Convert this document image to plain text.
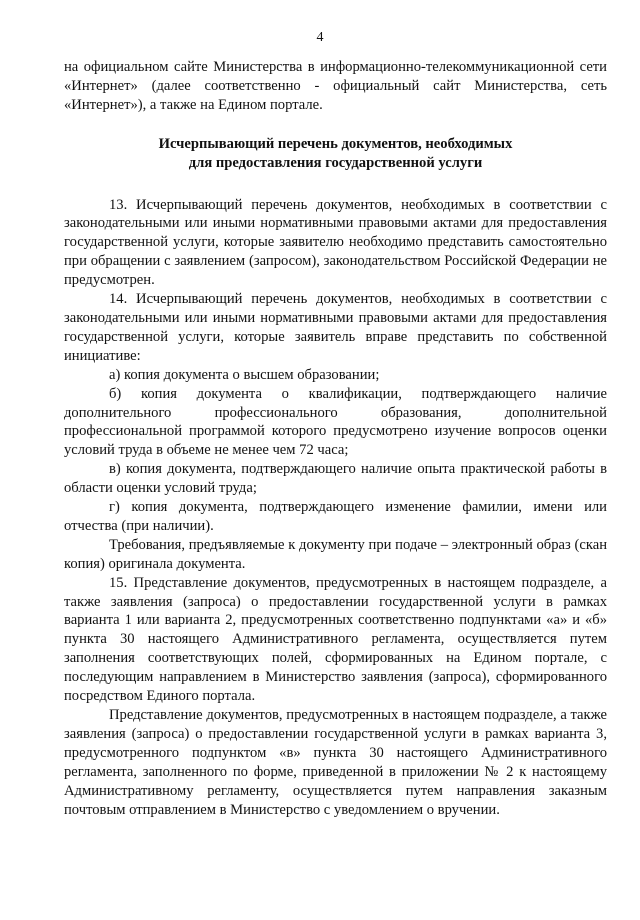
4

на официальном сайте Министерства в информационно-телекоммуникационной сети «Интернет» (далее соответственно - официальный сайт Министерства, сеть «Интернет»), а также на Едином портале.

Исчерпывающий перечень документов, необходимых
для предоставления государственной услуги

13. Исчерпывающий перечень документов, необходимых в соответствии с законодательными или иными нормативными правовыми актами для предоставления государственной услуги, которые заявителю необходимо представить самостоятельно при обращении с заявлением (запросом), законодательством Российской Федерации не предусмотрен.

14. Исчерпывающий перечень документов, необходимых в соответствии с законодательными или иными нормативными правовыми актами для предоставления государственной услуги, которые заявитель вправе представить по собственной инициативе:

а) копия документа о высшем образовании;

б) копия документа о квалификации, подтверждающего наличие дополнительного профессионального образования, дополнительной профессиональной программой которого предусмотрено изучение вопросов оценки условий труда в объеме не менее чем 72 часа;

в) копия документа, подтверждающего наличие опыта практической работы в области оценки условий труда;

г) копия документа, подтверждающего изменение фамилии, имени или отчества (при наличии).

Требования, предъявляемые к документу при подаче – электронный образ (скан копия) оригинала документа.

15. Представление документов, предусмотренных в настоящем подразделе, а также заявления (запроса) о предоставлении государственной услуги в рамках варианта 1 или варианта 2, предусмотренных соответственно подпунктами «а» и «б» пункта 30 настоящего Административного регламента, осуществляется путем заполнения соответствующих полей, сформированных на Едином портале, с последующим направлением в Министерство заявления (запроса), сформированного посредством Единого портала.

Представление документов, предусмотренных в настоящем подразделе, а также заявления (запроса) о предоставлении государственной услуги в рамках варианта 3, предусмотренного подпунктом «в» пункта 30 настоящего Административного регламента, заполненного по форме, приведенной в приложении № 2 к настоящему Административному регламенту, осуществляется путем направления заказным почтовым отправлением в Министерство с уведомлением о вручении.
